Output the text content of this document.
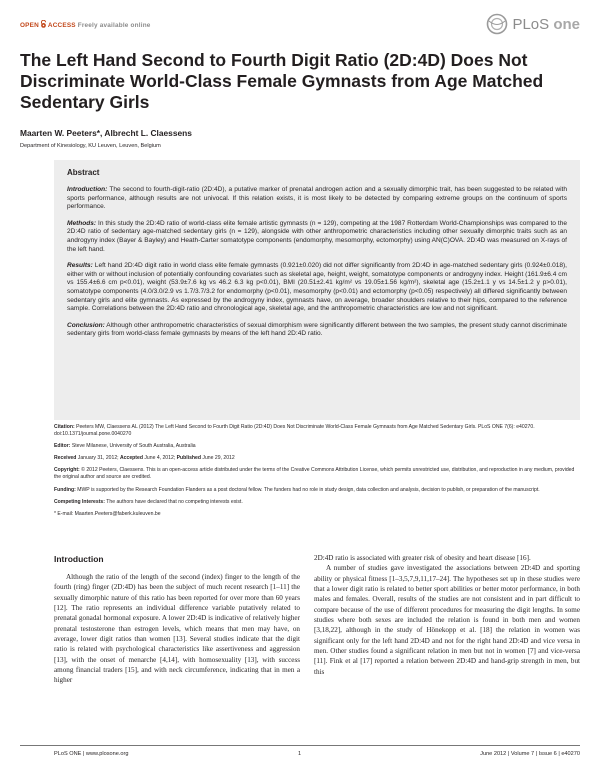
OPEN ACCESS Freely available online	PLoS one
The Left Hand Second to Fourth Digit Ratio (2D:4D) Does Not Discriminate World-Class Female Gymnasts from Age Matched Sedentary Girls
Maarten W. Peeters*, Albrecht L. Claessens
Department of Kinesiology, KU Leuven, Leuven, Belgium
Abstract

Introduction: The second to fourth-digit-ratio (2D:4D), a putative marker of prenatal androgen action and a sexually dimorphic trait, has been suggested to be related with sports performance, although results are not univocal. If this relation exists, it is most likely to be detected by comparing extreme groups on the continuum of sports performance.

Methods: In this study the 2D:4D ratio of world-class elite female artistic gymnasts (n = 129), competing at the 1987 Rotterdam World-Championships was compared to the 2D:4D ratio of sedentary age-matched sedentary girls (n = 129), alongside with other anthropometric characteristics including other sexually dimorphic traits such as an androgyny index (Bayer & Bayley) and Heath-Carter somatotype components (endomorphy, mesomorphy, ectomorphy) using AN(C)OVA. 2D:4D was measured on X-rays of the left hand.

Results: Left hand 2D:4D digit ratio in world class elite female gymnasts (0.921±0.020) did not differ significantly from 2D:4D in age-matched sedentary girls (0.924±0.018), either with or without inclusion of potentially confounding covariates such as skeletal age, height, weight, somatotype components or androgyny index. Height (161.9±6.4 cm vs 155.4±6.6 cm p<0.01), weight (53.9±7.6 kg vs 46.2 6.3 kg p<0.01), BMI (20.51±2.41 kg/m² vs 19.05±1.56 kg/m²), skeletal age (15.2±1.1 y vs 14.5±1.2 y p>0.01), somatotype components (4.0/3.0/2.9 vs 1.7/3.7/3.2 for endomorphy (p<0.01), mesomorphy (p<0.01) and ectomorphy (p<0.05) respectively) all differed significantly between sedentary girls and elite gymnasts. As expressed by the androgyny index, gymnasts have, on average, broader shoulders relative to their hips, compared to the reference sample. Correlations between the 2D:4D ratio and chronological age, skeletal age, and the anthropometric characteristics are low and not significant.

Conclusion: Although other anthropometric characteristics of sexual dimorphism were significantly different between the two samples, the present study cannot discriminate sedentary girls from world-class female gymnasts by means of the left hand 2D:4D ratio.

Citation: Peeters MW, Claessens AL (2012) The Left Hand Second to Fourth Digit Ratio (2D:4D) Does Not Discriminate World-Class Female Gymnasts from Age Matched Sedentary Girls. PLoS ONE 7(6): e40270. doi:10.1371/journal.pone.0040270
Editor: Steve Milanese, University of South Australia, Australia
Received January 31, 2012; Accepted June 4, 2012; Published June 29, 2012
Copyright: © 2012 Peeters, Claessens. This is an open-access article distributed under the terms of the Creative Commons Attribution License, which permits unrestricted use, distribution, and reproduction in any medium, provided the original author and source are credited.
Funding: MWP is supported by the Research Foundation Flanders as a post doctoral fellow. The funders had no role in study design, data collection and analysis, decision to publish, or preparation of the manuscript.
Competing Interests: The authors have declared that no competing interests exist.
* E-mail: Maarten.Peeters@faberk.kuleuven.be
Introduction

Although the ratio of the length of the second (index) finger to the length of the fourth (ring) finger (2D:4D) has been the subject of much recent research [1–11] the sexually dimorphic nature of this ratio has been reported for over more than 60 years [12]. The ratio represents an individual difference variable putatively related to prenatal gonadal hormonal exposure. A lower 2D:4D is indicative of relatively higher prenatal testosterone than estrogen levels, which means that men may have, on average, lower digit ratios than women [13]. Several studies indicate that the digit ratio is related with psychological characteristics like assertiveness and aggression [13], with the onset of menarche [4,14], with homosexuality [13], with success among financial traders [15], and with neck circumference, indicating that in men a higher

2D:4D ratio is associated with greater risk of obesity and heart disease [16].

A number of studies gave investigated the associations between 2D:4D and sporting ability or physical fitness [1–3,5,7,9,11,17–24]. The hypotheses set up in these studies were that a lower digit ratio is related to better sport abilities or better motor performance, in both males and females. Overall, results of the studies are not consistent and in part difficult to compare because of the use of different procedures for measuring the digit lengths. In some studies where both sexes are included the relation is found in both men and women [3,18,22], although in the study of Hönekopp et al. [18] the relation in women was significant only for the left hand 2D:4D and not for the right hand 2D:4D and vice versa in men. Other studies found a significant relation in men but not in women [7] and vice-versa [11]. Fink et al [17] reported a relation between 2D:4D and hand-grip strength in men, but this

PLoS ONE | www.plosone.org	1	June 2012 | Volume 7 | Issue 6 | e40270
